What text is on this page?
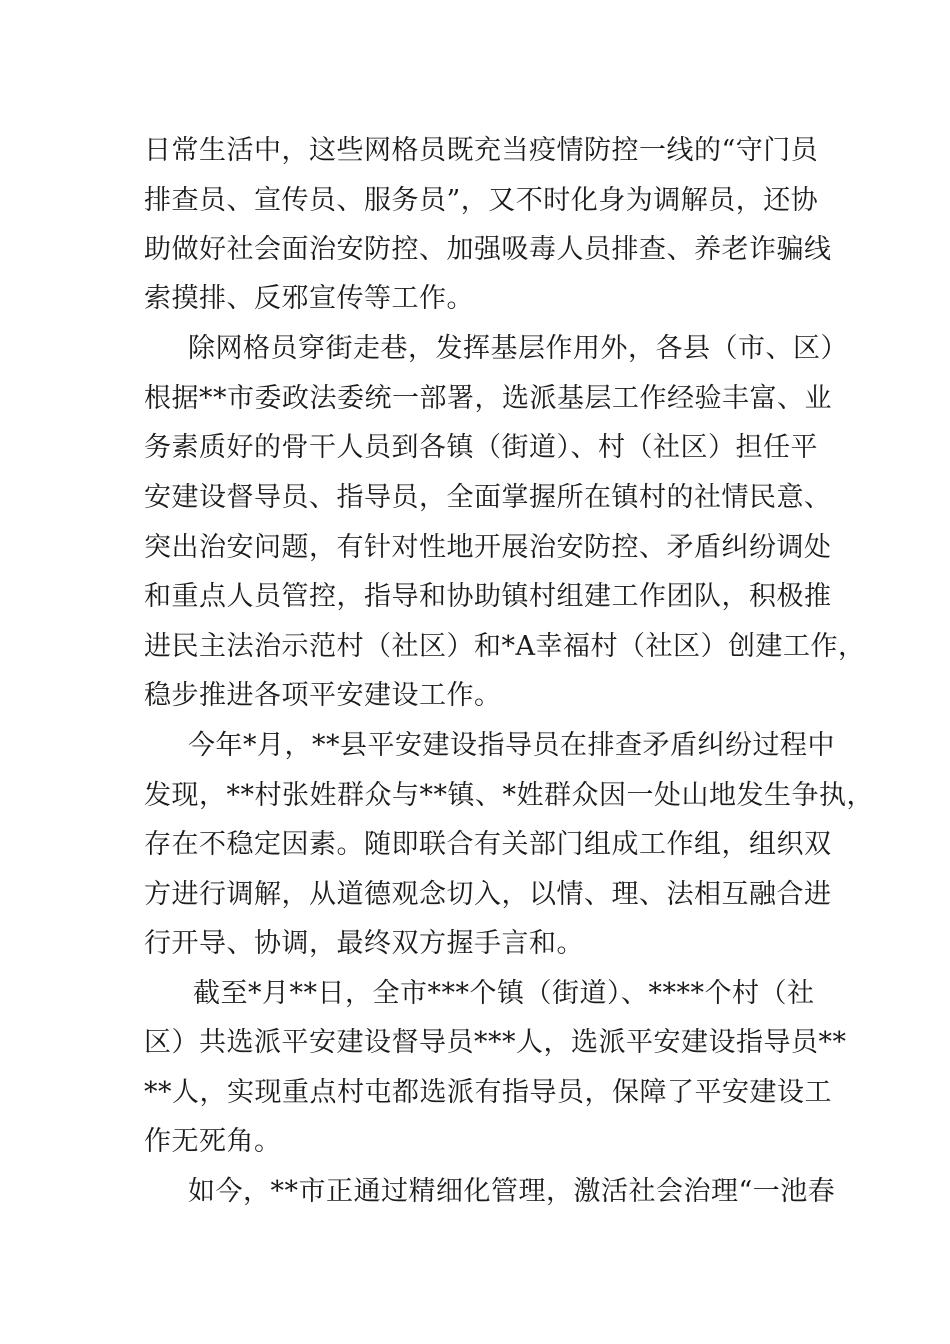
日常生活中，这些网格员既充当疫情防控一线的“守门员
排查员、宣传员、服务员”，又不时化身为调解员，还协
助做好社会面治安防控、加强吸毒人员排查、养老诈骗线
索摸排、反邪宣传等工作。
除网格员穿街走巷，发挥基层作用外，各县（市、区）
根据**市委政法委统一部署，选派基层工作经验丰富、业
务素质好的骨干人员到各镇（街道）、村（社区）担任平
安建设督导员、指导员，全面掌握所在镇村的社情民意、
突出治安问题，有针对性地开展治安防控、矛盾纠纷调处
和重点人员管控，指导和协助镇村组建工作团队，积极推
进民主法治示范村（社区）和*A幸福村（社区）创建工作，
稳步推进各项平安建设工作。
今年*月，**县平安建设指导员在排查矛盾纠纷过程中
发现，**村张姓群众与**镇、*姓群众因一处山地发生争执，
存在不稳定因素。随即联合有关部门组成工作组，组织双
方进行调解，从道德观念切入，以情、理、法相互融合进
行开导、协调，最终双方握手言和。
截至*月**日，全市***个镇（街道）、****个村（社
区）共选派平安建设督导员***人，选派平安建设指导员**
**人，实现重点村屯都选派有指导员，保障了平安建设工
作无死角。
如今，**市正通过精细化管理，激活社会治理“一池春
